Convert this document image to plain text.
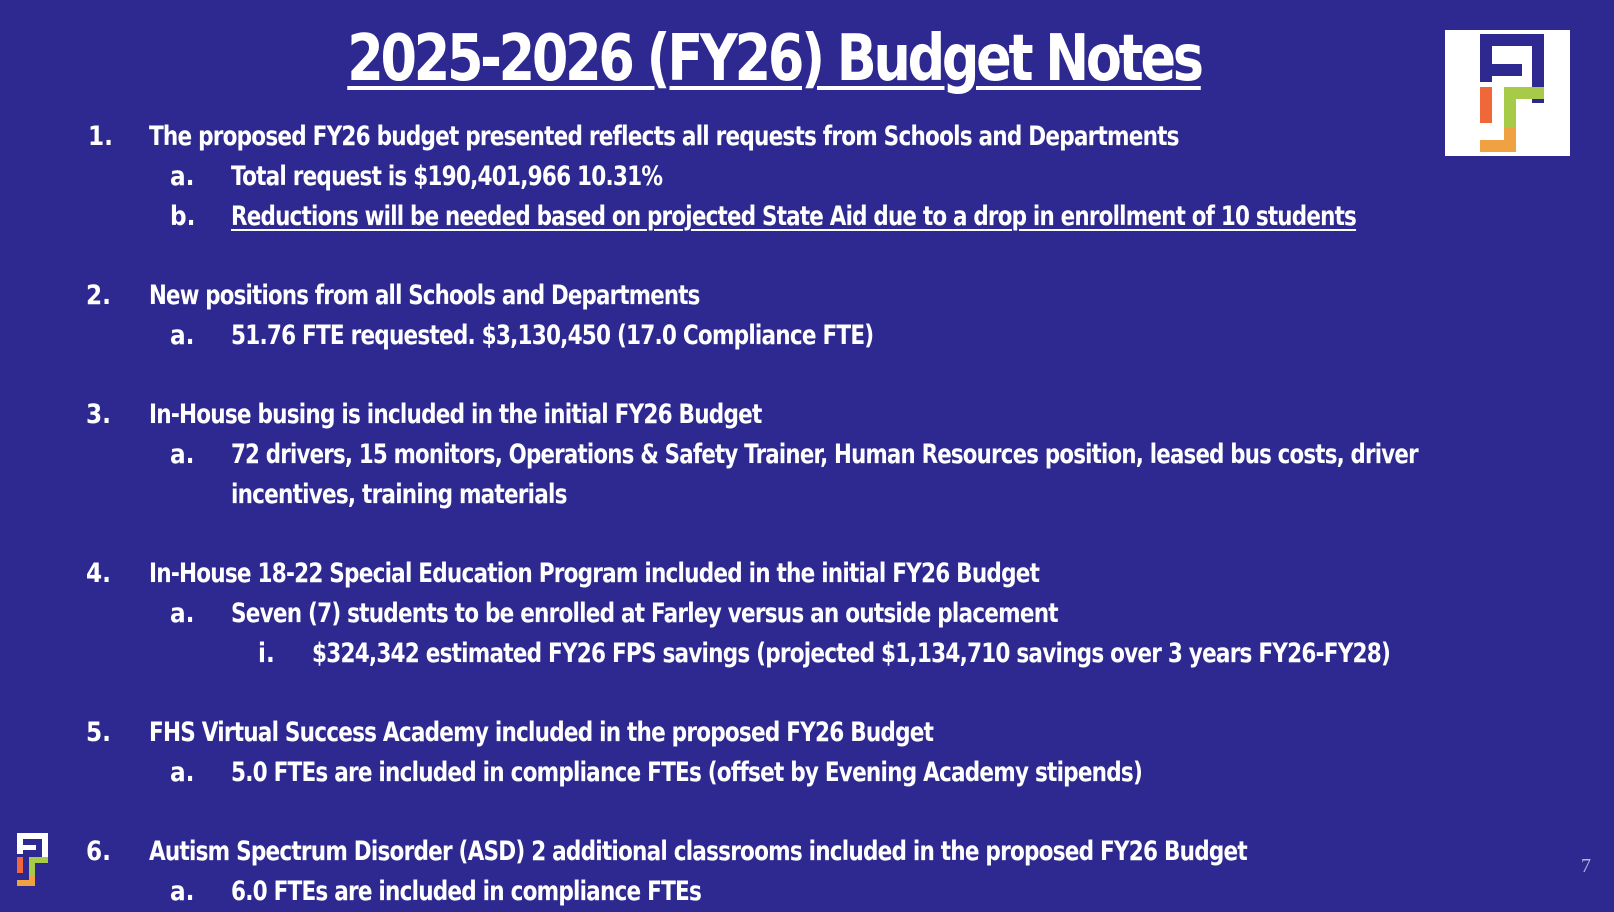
2025-2026 (FY26) Budget Notes
7
1. The proposed FY26 budget presented reflects all requests from Schools and Departments
a. Total request is $190,401,966 10.31%
b. Reductions will be needed based on projected State Aid due to a drop in enrollment of 10 students
2. New positions from all Schools and Departments
a. 51.76 FTE requested. $3,130,450 (17.0 Compliance FTE)
3. In-House busing is included in the initial FY26 Budget
a. 72 drivers, 15 monitors, Operations & Safety Trainer, Human Resources position, leased bus costs, driver
incentives, training materials
4. In-House 18-22 Special Education Program included in the initial FY26 Budget
a. Seven (7) students to be enrolled at Farley versus an outside placement
i. $324,342 estimated FY26 FPS savings (projected $1,134,710 savings over 3 years FY26-FY28)
5. FHS Virtual Success Academy included in the proposed FY26 Budget
a. 5.0 FTEs are included in compliance FTEs (offset by Evening Academy stipends)
6. Autism Spectrum Disorder (ASD) 2 additional classrooms included in the proposed FY26 Budget
a. 6.0 FTEs are included in compliance FTEs
